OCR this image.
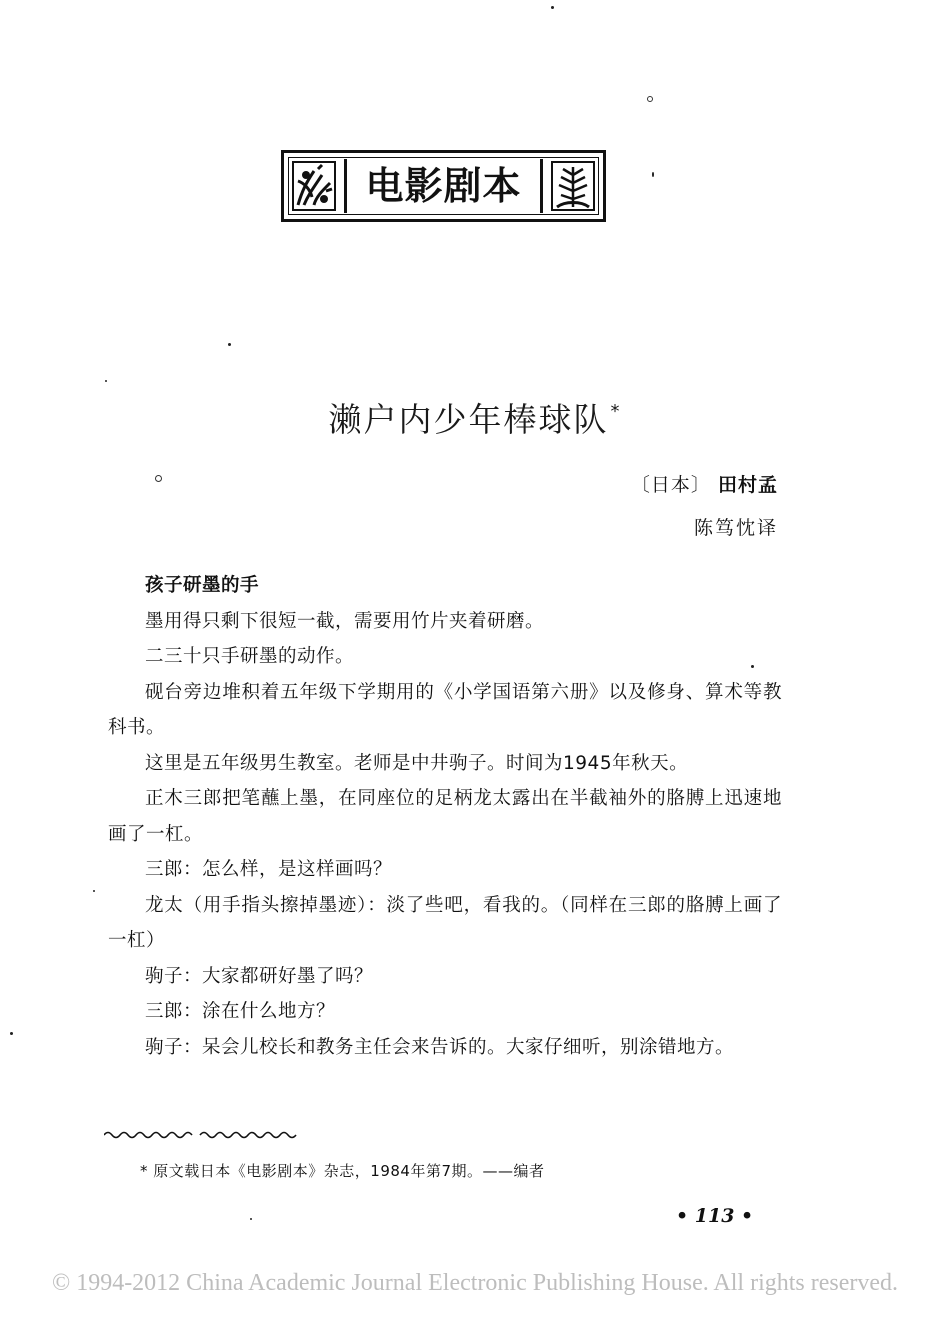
电影剧本
濑户内少年棒球队 *
〔日本〕 田村孟
陈笃忱译

孩子研墨的手

墨用得只剩下很短一截，需要用竹片夹着研磨。

二三十只手研墨的动作。

砚台旁边堆积着五年级下学期用的《小学国语第六册》以及修身、算术等教科书。

这里是五年级男生教室。老师是中井驹子。时间为1945年秋天。

正木三郎把笔蘸上墨，在同座位的足柄龙太露出在半截袖外的胳膊上迅速地画了一杠。

三郎：怎么样，是这样画吗？

龙太（用手指头擦掉墨迹）：淡了些吧，看我的。（同样在三郎的胳膊上画了一杠）

驹子：大家都研好墨了吗？

三郎：涂在什么地方？

驹子：呆会儿校长和教务主任会来告诉的。大家仔细听，别涂错地方。

* 原文载日本《电影剧本》杂志，1984年第7期。——编者
• 113 •
© 1994-2012 China Academic Journal Electronic Publishing House. All rights reserved.
